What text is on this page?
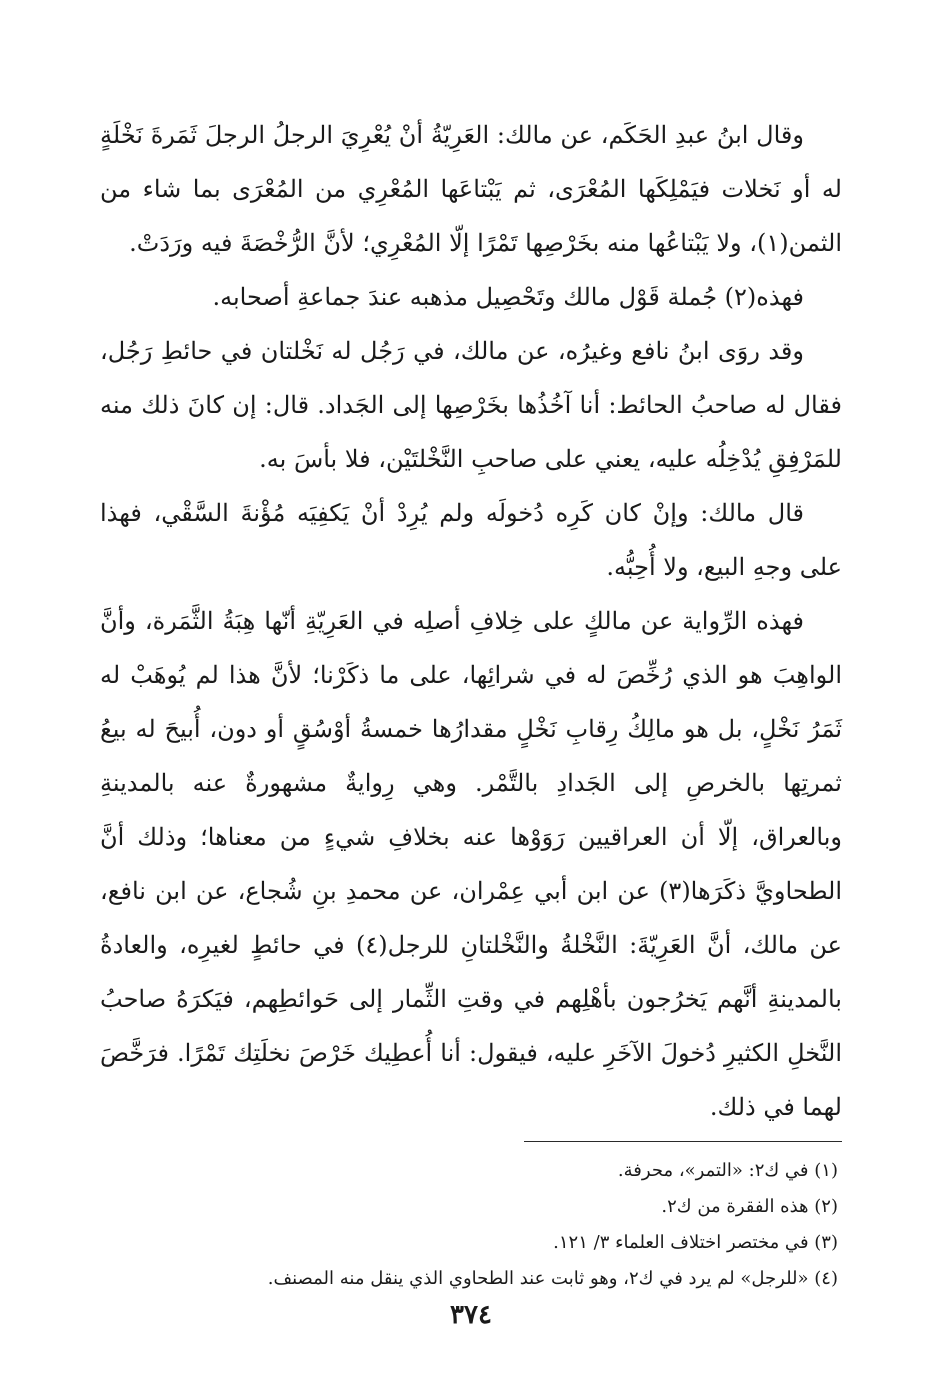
وقال ابنُ عبدِ الحَكَم، عن مالك: العَرِيّةُ أنْ يُعْرِيَ الرجلُ الرجلَ ثَمَرةَ نَخْلَةٍ له أو نَخلات فيَمْلِكَها المُعْرَى، ثم يَبْتاعَها المُعْرِي من المُعْرَى بما شاء من الثمن(١)، ولا يَبْتاعُها منه بخَرْصِها تَمْرًا إلّا المُعْرِي؛ لأنَّ الرُّخْصَةَ فيه ورَدَتْ.

فهذه(٢) جُملة قَوْل مالك وتَحْصِيل مذهبه عندَ جماعةِ أصحابه.

وقد روَى ابنُ نافع وغيرُه، عن مالك، في رَجُل له نَخْلتان في حائطِ رَجُل، فقال له صاحبُ الحائط: أنا آخُذُها بخَرْصِها إلى الجَداد. قال: إن كانَ ذلك منه للمَرْفِقِ يُدْخِلُه عليه، يعني على صاحبِ النَّخْلتَيْن، فلا بأسَ به.

قال مالك: وإنْ كان كَرِه دُخولَه ولم يُرِدْ أنْ يَكفِيَه مُؤْنةَ السَّقْي، فهذا على وجهِ البيع، ولا أُحِبُّه.

فهذه الرِّواية عن مالكٍ على خِلافِ أصلِه في العَرِيّةِ أنّها هِبَةُ الثَّمَرة، وأنَّ الواهِبَ هو الذي رُخِّصَ له في شرائِها، على ما ذكَرْنا؛ لأنَّ هذا لم يُوهَبْ له ثَمَرُ نَخْلٍ، بل هو مالِكُ رِقابِ نَخْلٍ مقدارُها خمسةُ أوْسُقٍ أو دون، أُبيحَ له بيعُ ثمرتِها بالخرصِ إلى الجَدادِ بالتَّمْر. وهي رِوايةٌ مشهورةٌ عنه بالمدينةِ وبالعراق، إلّا أن العراقيين رَوَوْها عنه بخلافِ شيءٍ من معناها؛ وذلك أنَّ الطحاويَّ ذكَرَها(٣) عن ابن أبي عِمْران، عن محمدِ بنِ شُجاع، عن ابن نافع، عن مالك، أنَّ العَرِيّةَ: النَّخْلةُ والنَّخْلتانِ للرجل(٤) في حائطٍ لغيرِه، والعادةُ بالمدينةِ أنَّهم يَخرُجون بأهْلِهم في وقتِ الثِّمار إلى حَوائطِهم، فيَكرَهُ صاحبُ النَّخلِ الكثيرِ دُخولَ الآخَرِ عليه، فيقول: أنا أُعطِيك خَرْصَ نخلَتِك تَمْرًا. فرَخَّصَ لهما في ذلك.

(١) في ك٢: «التمر»، محرفة.
(٢) هذه الفقرة من ك٢.
(٣) في مختصر اختلاف العلماء ٣/ ١٢١.
(٤) «للرجل» لم يرد في ك٢، وهو ثابت عند الطحاوي الذي ينقل منه المصنف.
٣٧٤
